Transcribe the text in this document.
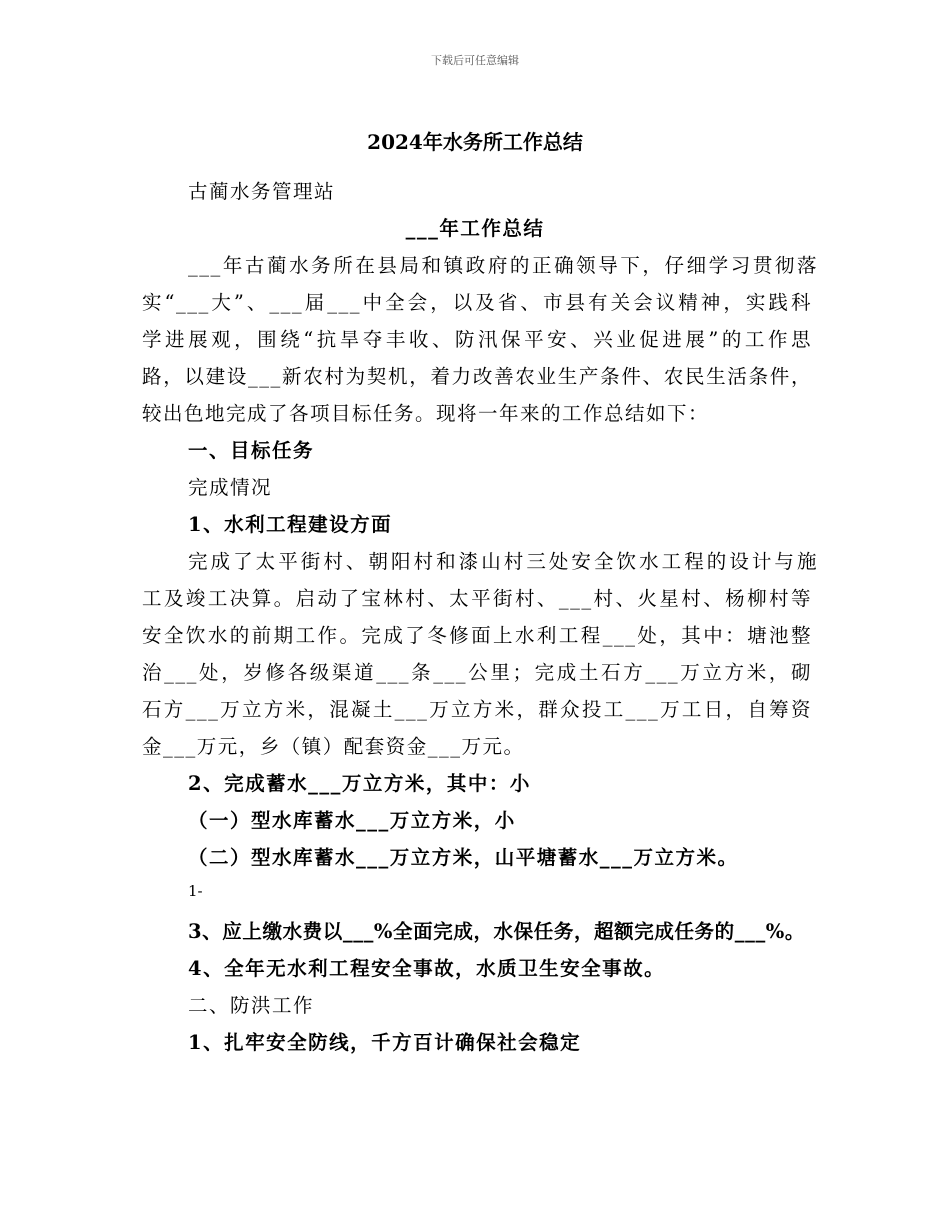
下载后可任意编辑
2024年水务所工作总结
古蔺水务管理站
___年工作总结
___年古蔺水务所在县局和镇政府的正确领导下，仔细学习贯彻落
实“___大”、___届___中全会，以及省、市县有关会议精神，实践科
学进展观，围绕“抗旱夺丰收、防汛保平安、兴业促进展”的工作思
路，以建设___新农村为契机，着力改善农业生产条件、农民生活条件，
较出色地完成了各项目标任务。现将一年来的工作总结如下：
一、目标任务
完成情况
1、水利工程建设方面
完成了太平街村、朝阳村和漆山村三处安全饮水工程的设计与施
工及竣工决算。启动了宝林村、太平街村、___村、火星村、杨柳村等
安全饮水的前期工作。完成了冬修面上水利工程___处，其中：塘池整
治___处，岁修各级渠道___条___公里；完成土石方___万立方米，砌
石方___万立方米，混凝土___万立方米，群众投工___万工日，自筹资
金___万元，乡（镇）配套资金___万元。
2、完成蓄水___万立方米，其中：小
（一）型水库蓄水___万立方米，小
（二）型水库蓄水___万立方米，山平塘蓄水___万立方米。
1-
3、应上缴水费以___%全面完成，水保任务，超额完成任务的___%。
4、全年无水利工程安全事故，水质卫生安全事故。
二、防洪工作
1、扎牢安全防线，千方百计确保社会稳定
